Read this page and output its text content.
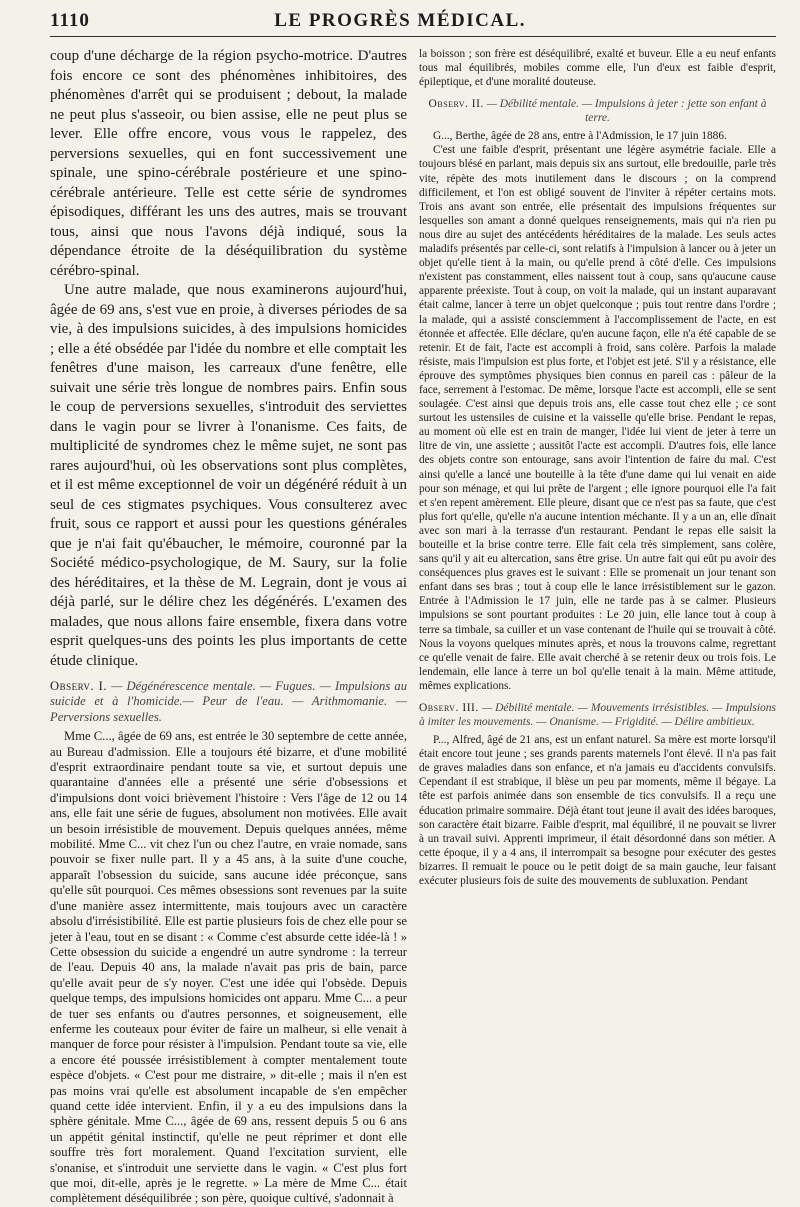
1110	LE PROGRÈS MÉDICAL.

coup d'une décharge de la région psycho-motrice. D'autres fois encore ce sont des phénomènes inhibitoires, des phénomènes d'arrêt qui se produisent ; debout, la malade ne peut plus s'asseoir, ou bien assise, elle ne peut plus se lever. Elle offre encore, vous vous le rappelez, des perversions sexuelles, qui en font successivement une spinale, une spino-cérébrale postérieure et une spino-cérébrale antérieure. Telle est cette série de syndromes épisodiques, différant les uns des autres, mais se trouvant tous, ainsi que nous l'avons déjà indiqué, sous la dépendance étroite de la déséquilibration du système cérébro-spinal.

Une autre malade, que nous examinerons aujourd'hui, âgée de 69 ans, s'est vue en proie, à diverses périodes de sa vie, à des impulsions suicides, à des impulsions homicides ; elle a été obsédée par l'idée du nombre et elle comptait les fenêtres d'une maison, les carreaux d'une fenêtre, elle suivait une série très longue de nombres pairs. Enfin sous le coup de perversions sexuelles, s'introduit des serviettes dans le vagin pour se livrer à l'onanisme. Ces faits, de multiplicité de syndromes chez le même sujet, ne sont pas rares aujourd'hui, où les observations sont plus complètes, et il est même exceptionnel de voir un dégénéré réduit à un seul de ces stigmates psychiques. Vous consulterez avec fruit, sous ce rapport et aussi pour les questions générales que je n'ai fait qu'ébaucher, le mémoire, couronné par la Société médico-psychologique, de M. Saury, sur la folie des héréditaires, et la thèse de M. Legrain, dont je vous ai déjà parlé, sur le délire chez les dégénérés. L'examen des malades, que nous allons faire ensemble, fixera dans votre esprit quelques-uns des points les plus importants de cette étude clinique.

Observ. I. — Dégénérescence mentale. — Fugues. — Impulsions au suicide et à l'homicide.— Peur de l'eau. — Arithmomanie. — Perversions sexuelles.

Mme C..., âgée de 69 ans, est entrée le 30 septembre de cette année, au Bureau d'admission. Elle a toujours été bizarre, et d'une mobilité d'esprit extraordinaire pendant toute sa vie, et surtout depuis une quarantaine d'années elle a présenté une série d'obsessions et d'impulsions dont voici brièvement l'histoire : Vers l'âge de 12 ou 14 ans, elle fait une série de fugues, absolument non motivées. Elle avait un besoin irrésistible de mouvement. Depuis quelques années, même mobilité. Mme C... vit chez l'un ou chez l'autre, en vraie nomade, sans pouvoir se fixer nulle part. Il y a 45 ans, à la suite d'une couche, apparaît l'obsession du suicide, sans aucune idée préconçue, sans qu'elle sût pourquoi. Ces mêmes obsessions sont revenues par la suite d'une manière assez intermittente, mais toujours avec un caractère absolu d'irrésistibilité. Elle est partie plusieurs fois de chez elle pour se jeter à l'eau, tout en se disant : « Comme c'est absurde cette idée-là ! » Cette obsession du suicide a engendré un autre syndrome : la terreur de l'eau. Depuis 40 ans, la malade n'avait pas pris de bain, parce qu'elle avait peur de s'y noyer. C'est une idée qui l'obsède. Depuis quelque temps, des impulsions homicides ont apparu. Mme C... a peur de tuer ses enfants ou d'autres personnes, et soigneusement, elle enferme les couteaux pour éviter de faire un malheur, si elle venait à manquer de force pour résister à l'impulsion. Pendant toute sa vie, elle a encore été poussée irrésistiblement à compter mentalement toute espèce d'objets. « C'est pour me distraire, » dit-elle ; mais il n'en est pas moins vrai qu'elle est absolument incapable de s'en empêcher quand cette idée intervient. Enfin, il y a eu des impulsions dans la sphère génitale. Mme C..., âgée de 69 ans, ressent depuis 5 ou 6 ans un appétit génital instinctif, qu'elle ne peut réprimer et dont elle souffre très fort moralement. Quand l'excitation survient, elle s'onanise, et s'introduit une serviette dans le vagin. « C'est plus fort que moi, dit-elle, après je le regrette. » La mère de Mme C... était complètement déséquilibrée ; son père, quoique cultivé, s'adonnait à

la boisson ; son frère est déséquilibré, exalté et buveur. Elle a eu neuf enfants tous mal équilibrés, mobiles comme elle, l'un d'eux est faible d'esprit, épileptique, et d'une moralité douteuse.

Observ. II. — Débilité mentale. — Impulsions à jeter : jette son enfant à terre.

G..., Berthe, âgée de 28 ans, entre à l'Admission, le 17 juin 1886.

C'est une faible d'esprit, présentant une légère asymétrie faciale. Elle a toujours blésé en parlant, mais depuis six ans surtout, elle bredouille, parle très vite, répète des mots inutilement dans le discours ; on la comprend difficilement, et l'on est obligé souvent de l'inviter à répéter certains mots. Trois ans avant son entrée, elle présentait des impulsions fréquentes sur lesquelles son amant a donné quelques renseignements, mais qui n'a rien pu nous dire au sujet des antécédents héréditaires de la malade. Les seuls actes maladifs présentés par celle-ci, sont relatifs à l'impulsion à lancer ou à jeter un objet qu'elle tient à la main, ou qu'elle prend à côté d'elle. Ces impulsions n'existent pas constamment, elles naissent tout à coup, sans qu'aucune cause apparente préexiste. Tout à coup, on voit la malade, qui un instant auparavant était calme, lancer à terre un objet quelconque ; puis tout rentre dans l'ordre ; la malade, qui a assisté consciemment à l'accomplissement de l'acte, en est étonnée et affectée. Elle déclare, qu'en aucune façon, elle n'a été capable de se retenir. Et de fait, l'acte est accompli à froid, sans colère. Parfois la malade résiste, mais l'impulsion est plus forte, et l'objet est jeté. S'il y a résistance, elle éprouve des symptômes physiques bien connus en pareil cas : pâleur de la face, serrement à l'estomac. De même, lorsque l'acte est accompli, elle se sent soulagée. C'est ainsi que depuis trois ans, elle casse tout chez elle ; ce sont surtout les ustensiles de cuisine et la vaisselle qu'elle brise. Pendant le repas, au moment où elle est en train de manger, l'idée lui vient de jeter à terre un litre de vin, une assiette ; aussitôt l'acte est accompli. D'autres fois, elle lance des objets contre son entourage, sans avoir l'intention de faire du mal. C'est ainsi qu'elle a lancé une bouteille à la tête d'une dame qui lui venait en aide pour son ménage, et qui lui prête de l'argent ; elle ignore pourquoi elle l'a fait et s'en repent amèrement. Elle pleure, disant que ce n'est pas sa faute, que c'est plus fort qu'elle, qu'elle n'a aucune intention méchante. Il y a un an, elle dînait avec son mari à la terrasse d'un restaurant. Pendant le repas elle saisit la bouteille et la brise contre terre. Elle fait cela très simplement, sans colère, sans qu'il y ait eu altercation, sans être grise. Un autre fait qui eût pu avoir des conséquences plus graves est le suivant : Elle se promenait un jour tenant son enfant dans ses bras ; tout à coup elle le lance irrésistiblement sur le gazon. Entrée à l'Admission le 17 juin, elle ne tarde pas à se calmer. Plusieurs impulsions se sont pourtant produites : Le 20 juin, elle lance tout à coup à terre sa timbale, sa cuiller et un vase contenant de l'huile qui se trouvait à côté. Nous la voyons quelques minutes après, et nous la trouvons calme, regrettant ce qu'elle venait de faire. Elle avait cherché à se retenir deux ou trois fois. Le lendemain, elle lance à terre un bol qu'elle tenait à la main. Même attitude, mêmes explications.

Observ. III. — Débilité mentale. — Mouvements irrésistibles. — Impulsions à imiter les mouvements. — Onanisme. — Frigidité. — Délire ambitieux.

P..., Alfred, âgé de 21 ans, est un enfant naturel. Sa mère est morte lorsqu'il était encore tout jeune ; ses grands parents maternels l'ont élevé. Il n'a pas fait de graves maladies dans son enfance, et n'a jamais eu d'accidents convulsifs. Cependant il est strabique, il blèse un peu par moments, même il bégaye. La tête est parfois animée dans son ensemble de tics convulsifs. Il a reçu une éducation primaire sommaire. Déjà étant tout jeune il avait des idées baroques, son caractère était bizarre. Faible d'esprit, mal équilibré, il ne pouvait se livrer à un travail suivi. Apprenti imprimeur, il était désordonné dans son métier. A cette époque, il y a 4 ans, il interrompait sa besogne pour exécuter des gestes bizarres. Il remuait le pouce ou le petit doigt de sa main gauche, leur faisant exécuter plusieurs fois de suite des mouvements de subluxation. Pendant
